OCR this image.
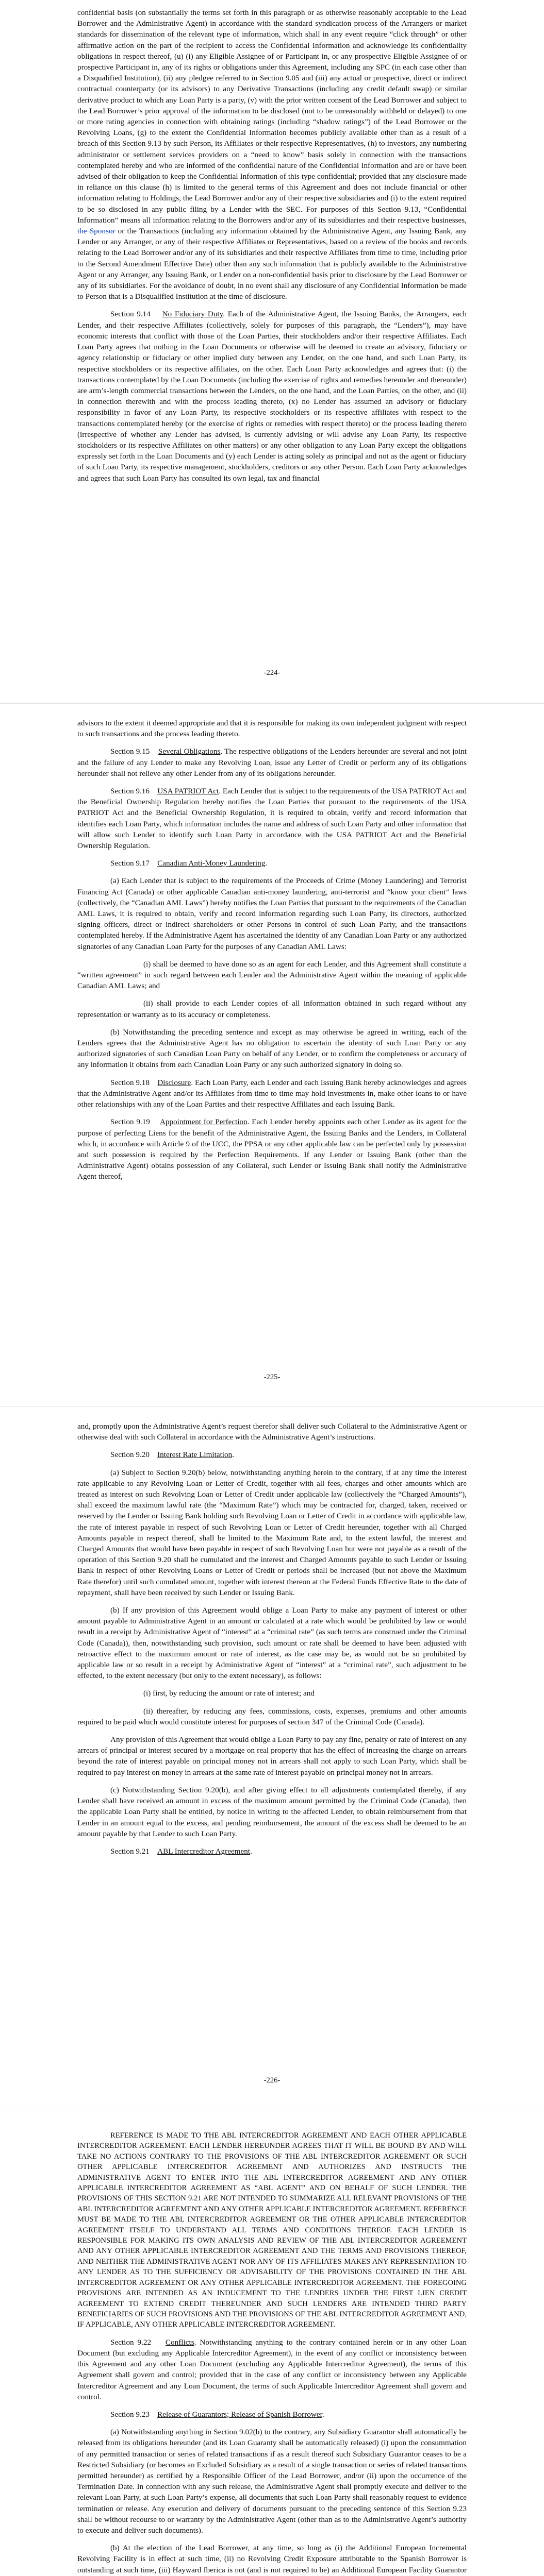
confidential basis (on substantially the terms set forth in this paragraph or as otherwise reasonably acceptable to the Lead Borrower and the Administrative Agent) in accordance with the standard syndication process of the Arrangers or market standards for dissemination of the relevant type of information, which shall in any event require “click through” or other affirmative action on the part of the recipient to access the Confidential Information and acknowledge its confidentiality obligations in respect thereof, (u) (i) any Eligible Assignee of or Participant in, or any prospective Eligible Assignee of or prospective Participant in, any of its rights or obligations under this Agreement, including any SPC (in each case other than a Disqualified Institution), (ii) any pledgee referred to in Section 9.05 and (iii) any actual or prospective, direct or indirect contractual counterparty (or its advisors) to any Derivative Transactions (including any credit default swap) or similar derivative product to which any Loan Party is a party, (v) with the prior written consent of the Lead Borrower and subject to the Lead Borrower’s prior approval of the information to be disclosed (not to be unreasonably withheld or delayed) to one or more rating agencies in connection with obtaining ratings (including “shadow ratings”) of the Lead Borrower or the Revolving Loans, (g) to the extent the Confidential Information becomes publicly available other than as a result of a breach of this Section 9.13 by such Person, its Affiliates or their respective Representatives, (h) to investors, any numbering administrator or settlement services providers on a “need to know” basis solely in connection with the transactions contemplated hereby and who are informed of the confidential nature of the Confidential Information and are or have been advised of their obligation to keep the Confidential Information of this type confidential; provided that any disclosure made in reliance on this clause (h) is limited to the general terms of this Agreement and does not include financial or other information relating to Holdings, the Lead Borrower and/or any of their respective subsidiaries and (i) to the extent required to be so disclosed in any public filing by a Lender with the SEC. For purposes of this Section 9.13, “Confidential Information” means all information relating to the Borrowers and/or any of its subsidiaries and their respective businesses, the Sponsor or the Transactions (including any information obtained by the Administrative Agent, any Issuing Bank, any Lender or any Arranger, or any of their respective Affiliates or Representatives, based on a review of the books and records relating to the Lead Borrower and/or any of its subsidiaries and their respective Affiliates from time to time, including prior to the Second Amendment Effective Date) other than any such information that is publicly available to the Administrative Agent or any Arranger, any Issuing Bank, or Lender on a non-confidential basis prior to disclosure by the Lead Borrower or any of its subsidiaries. For the avoidance of doubt, in no event shall any disclosure of any Confidential Information be made to Person that is a Disqualified Institution at the time of disclosure.

Section 9.14 No Fiduciary Duty. Each of the Administrative Agent, the Issuing Banks, the Arrangers, each Lender, and their respective Affiliates (collectively, solely for purposes of this paragraph, the “Lenders”), may have economic interests that conflict with those of the Loan Parties, their stockholders and/or their respective Affiliates. Each Loan Party agrees that nothing in the Loan Documents or otherwise will be deemed to create an advisory, fiduciary or agency relationship or fiduciary or other implied duty between any Lender, on the one hand, and such Loan Party, its respective stockholders or its respective affiliates, on the other. Each Loan Party acknowledges and agrees that: (i) the transactions contemplated by the Loan Documents (including the exercise of rights and remedies hereunder and thereunder) are arm’s-length commercial transactions between the Lenders, on the one hand, and the Loan Parties, on the other, and (ii) in connection therewith and with the process leading thereto, (x) no Lender has assumed an advisory or fiduciary responsibility in favor of any Loan Party, its respective stockholders or its respective affiliates with respect to the transactions contemplated hereby (or the exercise of rights or remedies with respect thereto) or the process leading thereto (irrespective of whether any Lender has advised, is currently advising or will advise any Loan Party, its respective stockholders or its respective Affiliates on other matters) or any other obligation to any Loan Party except the obligations expressly set forth in the Loan Documents and (y) each Lender is acting solely as principal and not as the agent or fiduciary of such Loan Party, its respective management, stockholders, creditors or any other Person. Each Loan Party acknowledges and agrees that such Loan Party has consulted its own legal, tax and financial

-224-

advisors to the extent it deemed appropriate and that it is responsible for making its own independent judgment with respect to such transactions and the process leading thereto.

Section 9.15 Several Obligations. The respective obligations of the Lenders hereunder are several and not joint and the failure of any Lender to make any Revolving Loan, issue any Letter of Credit or perform any of its obligations hereunder shall not relieve any other Lender from any of its obligations hereunder.

Section 9.16 USA PATRIOT Act. Each Lender that is subject to the requirements of the USA PATRIOT Act and the Beneficial Ownership Regulation hereby notifies the Loan Parties that pursuant to the requirements of the USA PATRIOT Act and the Beneficial Ownership Regulation, it is required to obtain, verify and record information that identifies each Loan Party, which information includes the name and address of such Loan Party and other information that will allow such Lender to identify such Loan Party in accordance with the USA PATRIOT Act and the Beneficial Ownership Regulation.

Section 9.17 Canadian Anti-Money Laundering.

(a) Each Lender that is subject to the requirements of the Proceeds of Crime (Money Laundering) and Terrorist Financing Act (Canada) or other applicable Canadian anti-money laundering, anti-terrorist and “know your client” laws (collectively, the “Canadian AML Laws”) hereby notifies the Loan Parties that pursuant to the requirements of the Canadian AML Laws, it is required to obtain, verify and record information regarding such Loan Party, its directors, authorized signing officers, direct or indirect shareholders or other Persons in control of such Loan Party, and the transactions contemplated hereby. If the Administrative Agent has ascertained the identity of any Canadian Loan Party or any authorized signatories of any Canadian Loan Party for the purposes of any Canadian AML Laws:

(i) shall be deemed to have done so as an agent for each Lender, and this Agreement shall constitute a “written agreement” in such regard between each Lender and the Administrative Agent within the meaning of applicable Canadian AML Laws; and

(ii) shall provide to each Lender copies of all information obtained in such regard without any representation or warranty as to its accuracy or completeness.

(b) Notwithstanding the preceding sentence and except as may otherwise be agreed in writing, each of the Lenders agrees that the Administrative Agent has no obligation to ascertain the identity of such Loan Party or any authorized signatories of such Canadian Loan Party on behalf of any Lender, or to confirm the completeness or accuracy of any information it obtains from each Canadian Loan Party or any such authorized signatory in doing so.

Section 9.18 Disclosure. Each Loan Party, each Lender and each Issuing Bank hereby acknowledges and agrees that the Administrative Agent and/or its Affiliates from time to time may hold investments in, make other loans to or have other relationships with any of the Loan Parties and their respective Affiliates and each Issuing Bank.

Section 9.19 Appointment for Perfection. Each Lender hereby appoints each other Lender as its agent for the purpose of perfecting Liens for the benefit of the Administrative Agent, the Issuing Banks and the Lenders, in Collateral which, in accordance with Article 9 of the UCC, the PPSA or any other applicable law can be perfected only by possession and such possession is required by the Perfection Requirements. If any Lender or Issuing Bank (other than the Administrative Agent) obtains possession of any Collateral, such Lender or Issuing Bank shall notify the Administrative Agent thereof,

-225-

and, promptly upon the Administrative Agent’s request therefor shall deliver such Collateral to the Administrative Agent or otherwise deal with such Collateral in accordance with the Administrative Agent’s instructions.

Section 9.20 Interest Rate Limitation.

(a) Subject to Section 9.20(b) below, notwithstanding anything herein to the contrary, if at any time the interest rate applicable to any Revolving Loan or Letter of Credit, together with all fees, charges and other amounts which are treated as interest on such Revolving Loan or Letter of Credit under applicable law (collectively the “Charged Amounts”), shall exceed the maximum lawful rate (the “Maximum Rate”) which may be contracted for, charged, taken, received or reserved by the Lender or Issuing Bank holding such Revolving Loan or Letter of Credit in accordance with applicable law, the rate of interest payable in respect of such Revolving Loan or Letter of Credit hereunder, together with all Charged Amounts payable in respect thereof, shall be limited to the Maximum Rate and, to the extent lawful, the interest and Charged Amounts that would have been payable in respect of such Revolving Loan but were not payable as a result of the operation of this Section 9.20 shall be cumulated and the interest and Charged Amounts payable to such Lender or Issuing Bank in respect of other Revolving Loans or Letter of Credit or periods shall be increased (but not above the Maximum Rate therefor) until such cumulated amount, together with interest thereon at the Federal Funds Effective Rate to the date of repayment, shall have been received by such Lender or Issuing Bank.

(b) If any provision of this Agreement would oblige a Loan Party to make any payment of interest or other amount payable to Administrative Agent in an amount or calculated at a rate which would be prohibited by law or would result in a receipt by Administrative Agent of “interest” at a “criminal rate” (as such terms are construed under the Criminal Code (Canada)), then, notwithstanding such provision, such amount or rate shall be deemed to have been adjusted with retroactive effect to the maximum amount or rate of interest, as the case may be, as would not be so prohibited by applicable law or so result in a receipt by Administrative Agent of “interest” at a “criminal rate”, such adjustment to be effected, to the extent necessary (but only to the extent necessary), as follows:

(i) first, by reducing the amount or rate of interest; and

(ii) thereafter, by reducing any fees, commissions, costs, expenses, premiums and other amounts required to be paid which would constitute interest for purposes of section 347 of the Criminal Code (Canada).

Any provision of this Agreement that would oblige a Loan Party to pay any fine, penalty or rate of interest on any arrears of principal or interest secured by a mortgage on real property that has the effect of increasing the charge on arrears beyond the rate of interest payable on principal money not in arrears shall not apply to such Loan Party, which shall be required to pay interest on money in arrears at the same rate of interest payable on principal money not in arrears.

(c) Notwithstanding Section 9.20(b), and after giving effect to all adjustments contemplated thereby, if any Lender shall have received an amount in excess of the maximum amount permitted by the Criminal Code (Canada), then the applicable Loan Party shall be entitled, by notice in writing to the affected Lender, to obtain reimbursement from that Lender in an amount equal to the excess, and pending reimbursement, the amount of the excess shall be deemed to be an amount payable by that Lender to such Loan Party.

Section 9.21 ABL Intercreditor Agreement.

-226-

REFERENCE IS MADE TO THE ABL INTERCREDITOR AGREEMENT AND EACH OTHER APPLICABLE INTERCREDITOR AGREEMENT. EACH LENDER HEREUNDER AGREES THAT IT WILL BE BOUND BY AND WILL TAKE NO ACTIONS CONTRARY TO THE PROVISIONS OF THE ABL INTERCREDITOR AGREEMENT OR SUCH OTHER APPLICABLE INTERCREDITOR AGREEMENT AND AUTHORIZES AND INSTRUCTS THE ADMINISTRATIVE AGENT TO ENTER INTO THE ABL INTERCREDITOR AGREEMENT AND ANY OTHER APPLICABLE INTERCREDITOR AGREEMENT AS “ABL AGENT” AND ON BEHALF OF SUCH LENDER. THE PROVISIONS OF THIS SECTION 9.21 ARE NOT INTENDED TO SUMMARIZE ALL RELEVANT PROVISIONS OF THE ABL INTERCREDITOR AGREEMENT AND ANY OTHER APPLICABLE INTERCREDITOR AGREEMENT. REFERENCE MUST BE MADE TO THE ABL INTERCREDITOR AGREEMENT OR THE OTHER APPLICABLE INTERCREDITOR AGREEMENT ITSELF TO UNDERSTAND ALL TERMS AND CONDITIONS THEREOF. EACH LENDER IS RESPONSIBLE FOR MAKING ITS OWN ANALYSIS AND REVIEW OF THE ABL INTERCREDITOR AGREEMENT AND ANY OTHER APPLICABLE INTERCREDITOR AGREEMENT AND THE TERMS AND PROVISIONS THEREOF, AND NEITHER THE ADMINISTRATIVE AGENT NOR ANY OF ITS AFFILIATES MAKES ANY REPRESENTATION TO ANY LENDER AS TO THE SUFFICIENCY OR ADVISABILITY OF THE PROVISIONS CONTAINED IN THE ABL INTERCREDITOR AGREEMENT OR ANY OTHER APPLICABLE INTERCREDITOR AGREEMENT. THE FOREGOING PROVISIONS ARE INTENDED AS AN INDUCEMENT TO THE LENDERS UNDER THE FIRST LIEN CREDIT AGREEMENT TO EXTEND CREDIT THEREUNDER AND SUCH LENDERS ARE INTENDED THIRD PARTY BENEFICIARIES OF SUCH PROVISIONS AND THE PROVISIONS OF THE ABL INTERCREDITOR AGREEMENT AND, IF APPLICABLE, ANY OTHER APPLICABLE INTERCREDITOR AGREEMENT.

Section 9.22 Conflicts. Notwithstanding anything to the contrary contained herein or in any other Loan Document (but excluding any Applicable Intercreditor Agreement), in the event of any conflict or inconsistency between this Agreement and any other Loan Document (excluding any Applicable Intercreditor Agreement), the terms of this Agreement shall govern and control; provided that in the case of any conflict or inconsistency between any Applicable Intercreditor Agreement and any Loan Document, the terms of such Applicable Intercreditor Agreement shall govern and control.

Section 9.23 Release of Guarantors; Release of Spanish Borrower.

(a) Notwithstanding anything in Section 9.02(b) to the contrary, any Subsidiary Guarantor shall automatically be released from its obligations hereunder (and its Loan Guaranty shall be automatically released) (i) upon the consummation of any permitted transaction or series of related transactions if as a result thereof such Subsidiary Guarantor ceases to be a Restricted Subsidiary (or becomes an Excluded Subsidiary as a result of a single transaction or series of related transactions permitted hereunder) as certified by a Responsible Officer of the Lead Borrower, and/or (ii) upon the occurrence of the Termination Date. In connection with any such release, the Administrative Agent shall promptly execute and deliver to the relevant Loan Party, at such Loan Party’s expense, all documents that such Loan Party shall reasonably request to evidence termination or release. Any execution and delivery of documents pursuant to the preceding sentence of this Section 9.23 shall be without recourse to or warranty by the Administrative Agent (other than as to the Administrative Agent’s authority to execute and deliver such documents).

(b) At the election of the Lead Borrower, at any time, so long as (i) the Additional European Incremental Revolving Facility is in effect at such time, (ii) no Revolving Credit Exposure attributable to the Spanish Borrower is outstanding at such time, (iii) Hayward Iberica is not (and is not required to be) an Additional European Facility Guarantor
